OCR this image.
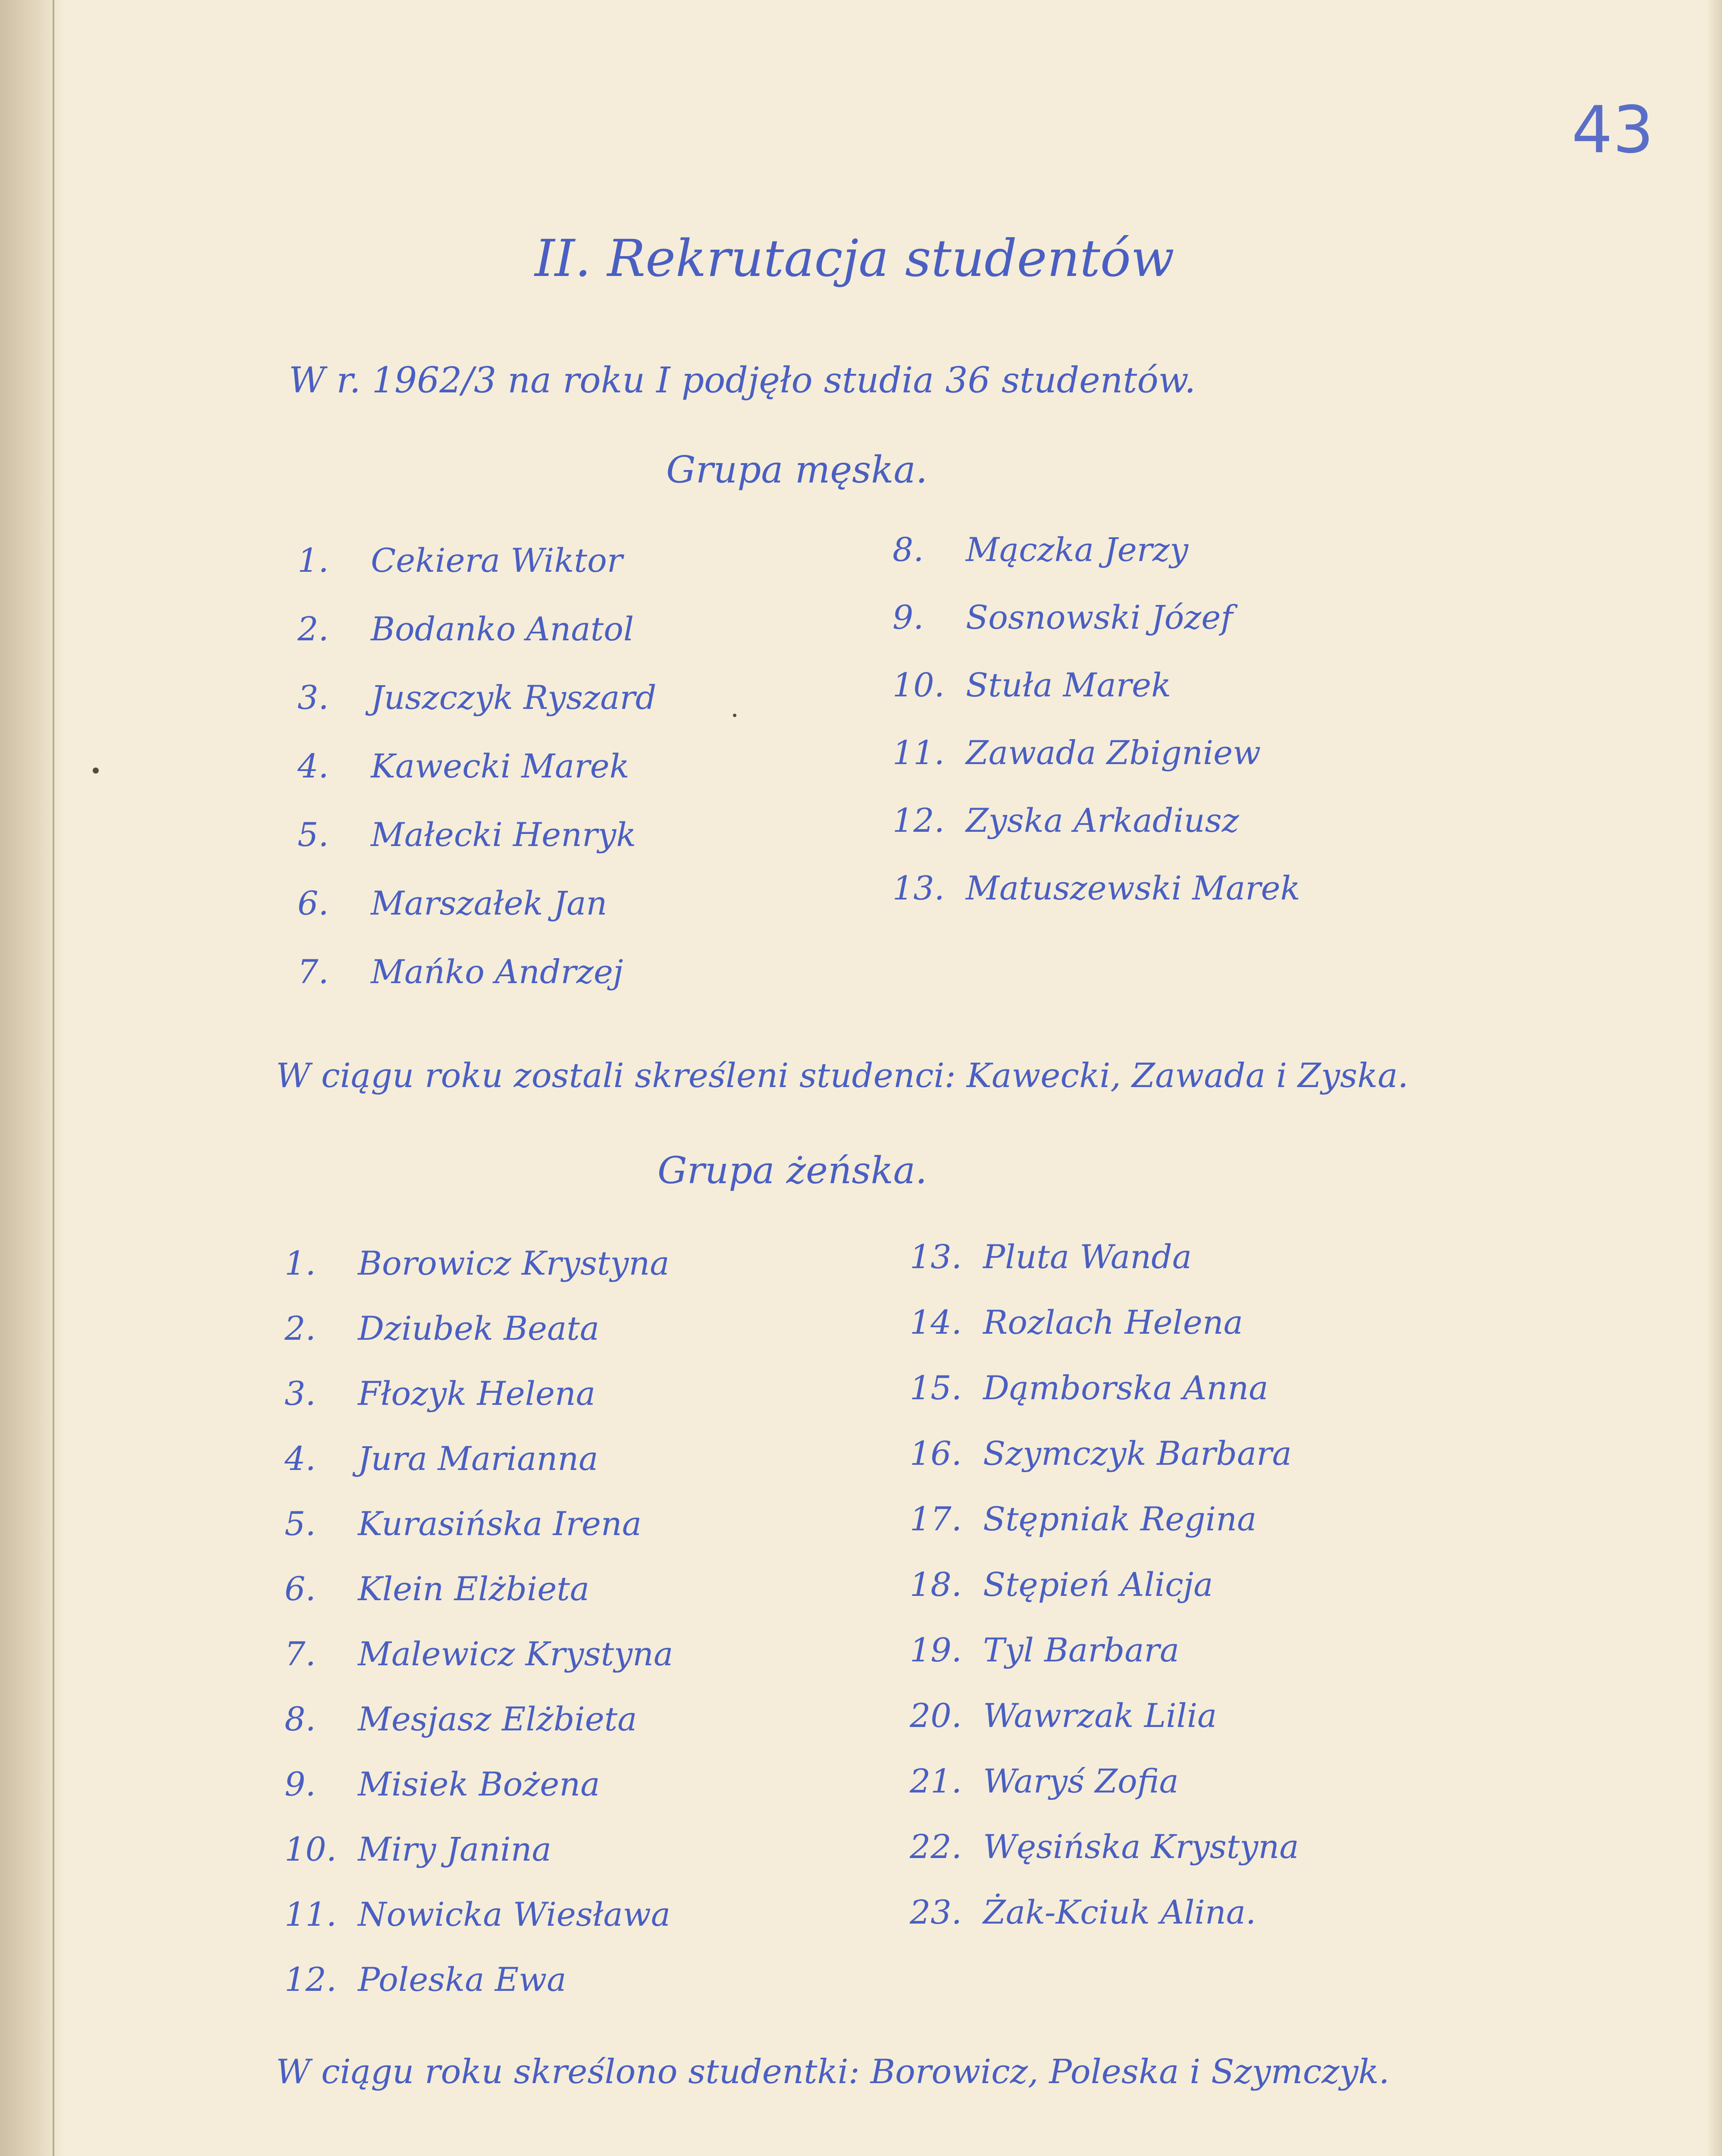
43
II. Rekrutacja studentów
W r. 1962/3 na roku I podjęło studia 36 studentów.
Grupa męska.
1. Cekiera Wiktor
2. Bodanko Anatol
3. Juszczyk Ryszard
4. Kawecki Marek
5. Małecki Henryk
6. Marszałek Jan
7. Mańko Andrzej
8. Mączka Jerzy
9. Sosnowski Józef
10. Stuła Marek
11. Zawada Zbigniew
12. Zyska Arkadiusz
13. Matuszewski Marek
W ciągu roku zostali skreśleni studenci: Kawecki, Zawada i Zyska.
Grupa żeńska.
1. Borowicz Krystyna
2. Dziubek Beata
3. Fłozyk Helena
4. Jura Marianna
5. Kurasińska Irena
6. Klein Elżbieta
7. Malewicz Krystyna
8. Mesjasz Elżbieta
9. Misiek Bożena
10. Miry Janina
11. Nowicka Wiesława
12. Poleska Ewa
13. Pluta Wanda
14. Rozlach Helena
15. Dąmborska Anna
16. Szymczyk Barbara
17. Stępniak Regina
18. Stępień Alicja
19. Tyl Barbara
20. Wawrzak Lilia
21. Waryś Zofia
22. Węsińska Krystyna
23. Żak-Kciuk Alina.
W ciągu roku skreślono studentki: Borowicz, Poleska i Szymczyk.
